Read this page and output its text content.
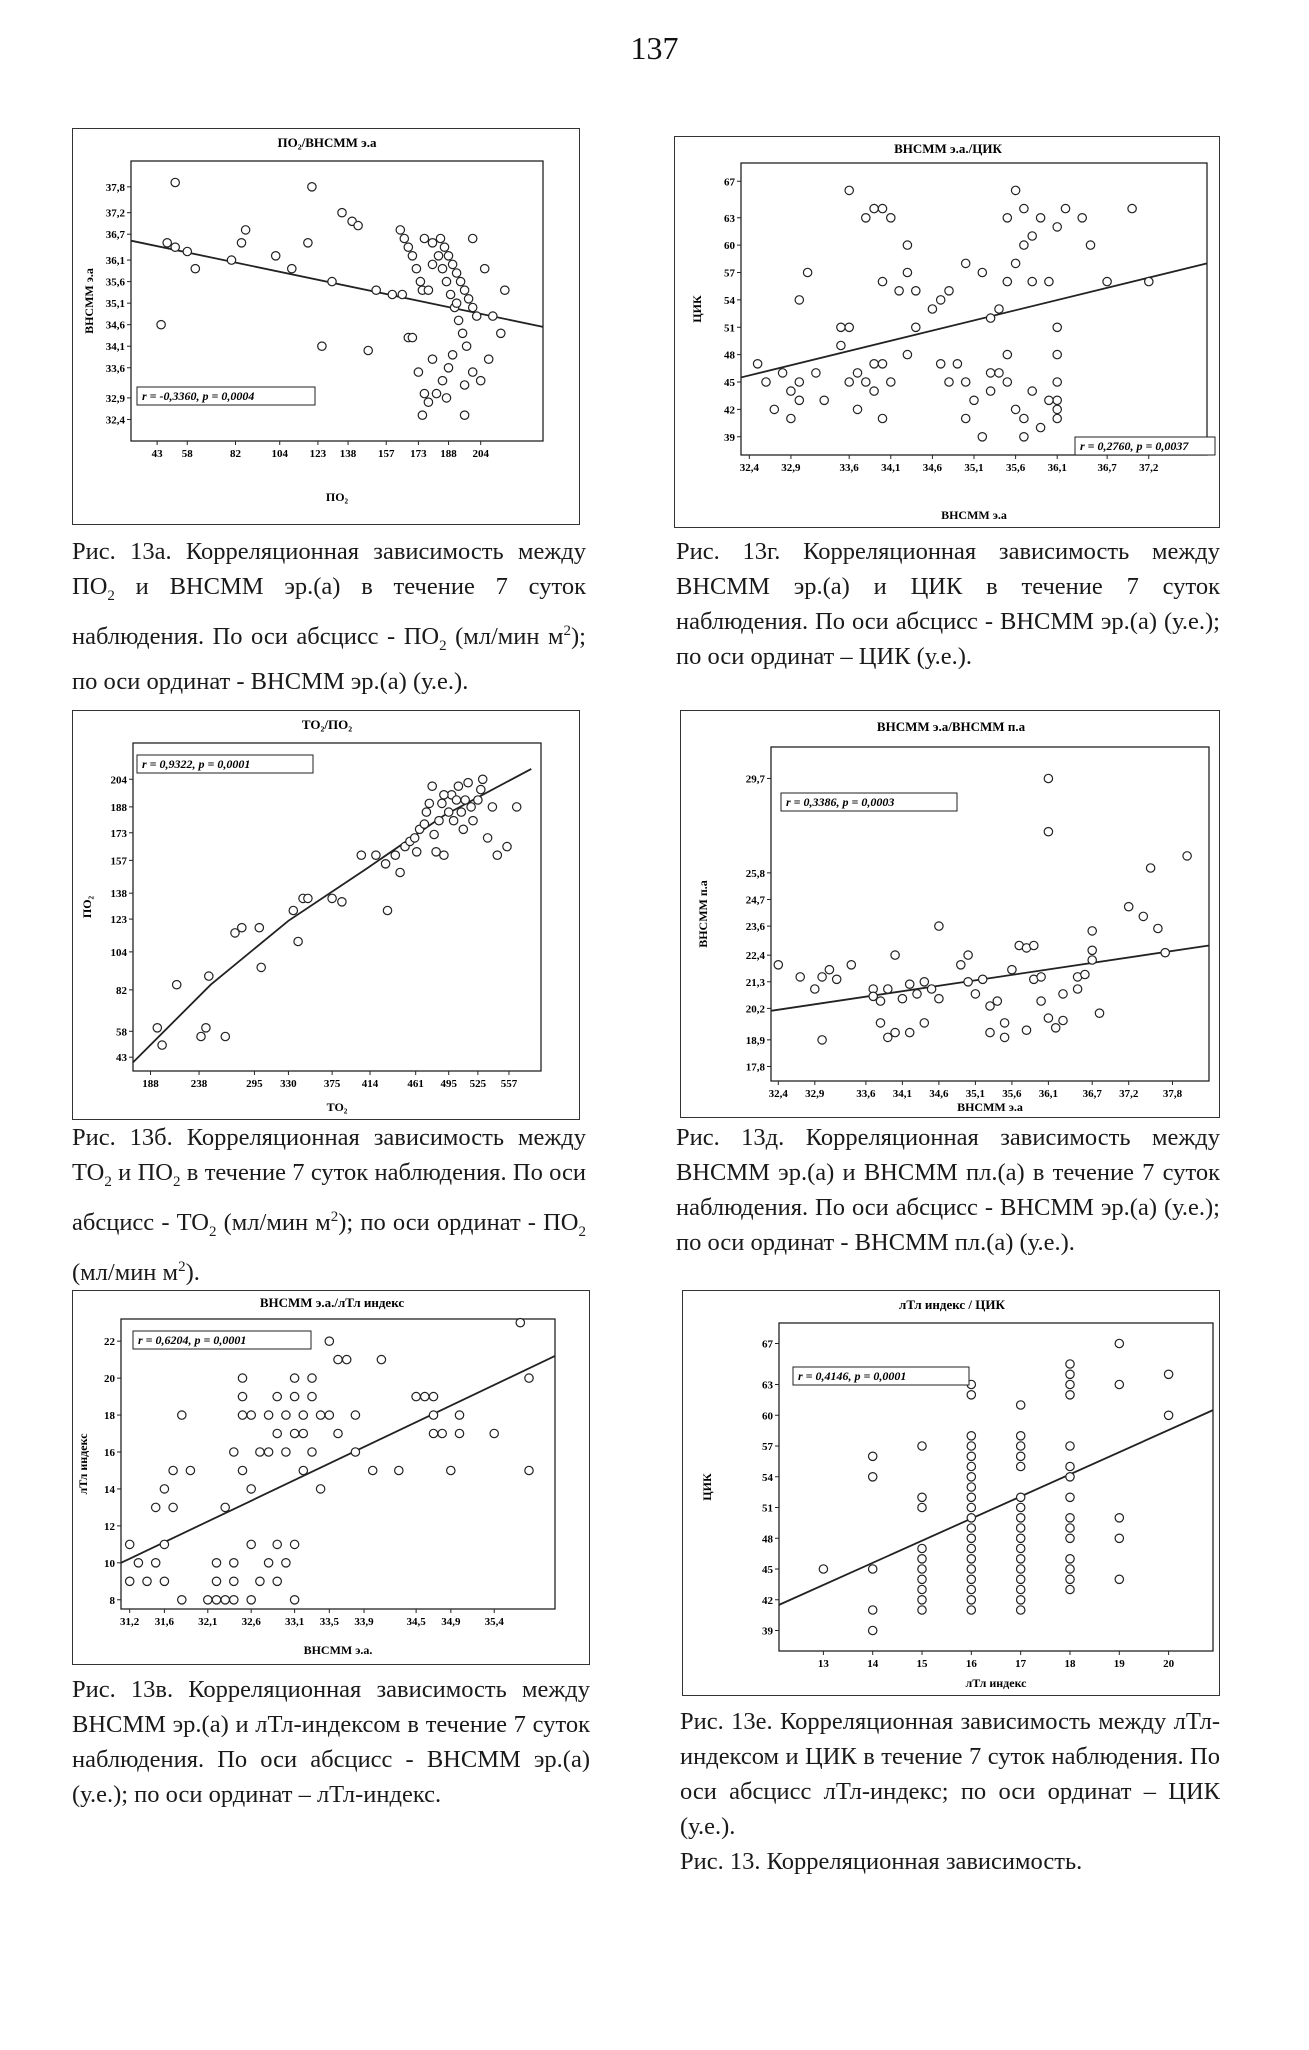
137
ПО₂/ВНСММ э.а
43 58	82	104 123 138 157 173 188 204
32,4
32,9
33,6
34,1
34,6
35,1
35,6
36,1
36,7
37,2
37,8
ПО₂
ВНСММ э.а
r = -0,3360, p = 0,0004
ТО₂/ПО₂
188	238	295 330 375 414	461 495 525 557
43
58
82
104
123
138
157
173
188
204
ТО₂
ПО₂
r = 0,9322, p = 0,0001
ВНСММ э.а./лТл индекс
31,2 31,6 32,1 32,6 33,1 33,5 33,9	34,5 34,9 35,4
8
10
12
14
16
18
20
22
ВНСММ э.а.
лТл индекс
r = 0,6204, p = 0,0001
ВНСММ э.а./ЦИК
32,4 32,9	33,6 34,1 34,6 35,1 35,6 36,1	36,7 37,2
39
42
45
48
51
54
57
60
63
67
ВНСММ э.а
ЦИК
r = 0,2760, p = 0,0037
ВНСММ э.а/ВНСММ п.а
32,4 32,9	33,6 34,1 34,6 35,1 35,6 36,1 36,7 37,2 37,8
17,8
18,9
20,2
21,3
22,4
23,6
24,7
25,8
29,7
ВНСММ э.а
ВНСММ п.а
r = 0,3386, p = 0,0003
лТл индекс / ЦИК
13	14	15	16	17	18	19	20
39
42
45
48
51
54
57
60
63
67
лТл индекс
ЦИК
r = 0,4146, p = 0,0001

Рис. 13а. Корреляционная зависимость между $ПО_2$ и ВНСММ эр.(а) в течение 7 суток наблюдения. По оси абсцисс - $ПО_2$ (мл/мин $м^2$); по оси ординат - ВНСММ эр.(а) (у.е.).

Рис. 13б. Корреляционная зависимость между $ТО_2$ и $ПО_2$ в течение 7 суток наблюдения. По оси абсцисс - $ТО_2$ (мл/мин $м^2$); по оси ординат - $ПО_2$ (мл/мин $м^2$).

Рис. 13в. Корреляционная зависимость между ВНСММ эр.(а) и лТл-индексом в течение 7 суток наблюдения. По оси абсцисс - ВНСММ эр.(а) (у.е.); по оси ординат – лТл-индекс.

Рис. 13г. Корреляционная зависимость между ВНСММ эр.(а) и ЦИК в течение 7 суток наблюдения. По оси абсцисс - ВНСММ эр.(а) (у.е.); по оси ординат – ЦИК (у.е.).

Рис. 13д. Корреляционная зависимость между ВНСММ эр.(а) и ВНСММ пл.(а) в течение 7 суток наблюдения. По оси абсцисс - ВНСММ эр.(а) (у.е.); по оси ординат - ВНСММ пл.(а) (у.е.).

Рис. 13е. Корреляционная зависимость между лТл-индексом и ЦИК в течение 7 суток наблюдения. По оси абсцисс лТл-индекс; по оси ординат – ЦИК (у.е.).

Рис. 13. Корреляционная зависимость.
